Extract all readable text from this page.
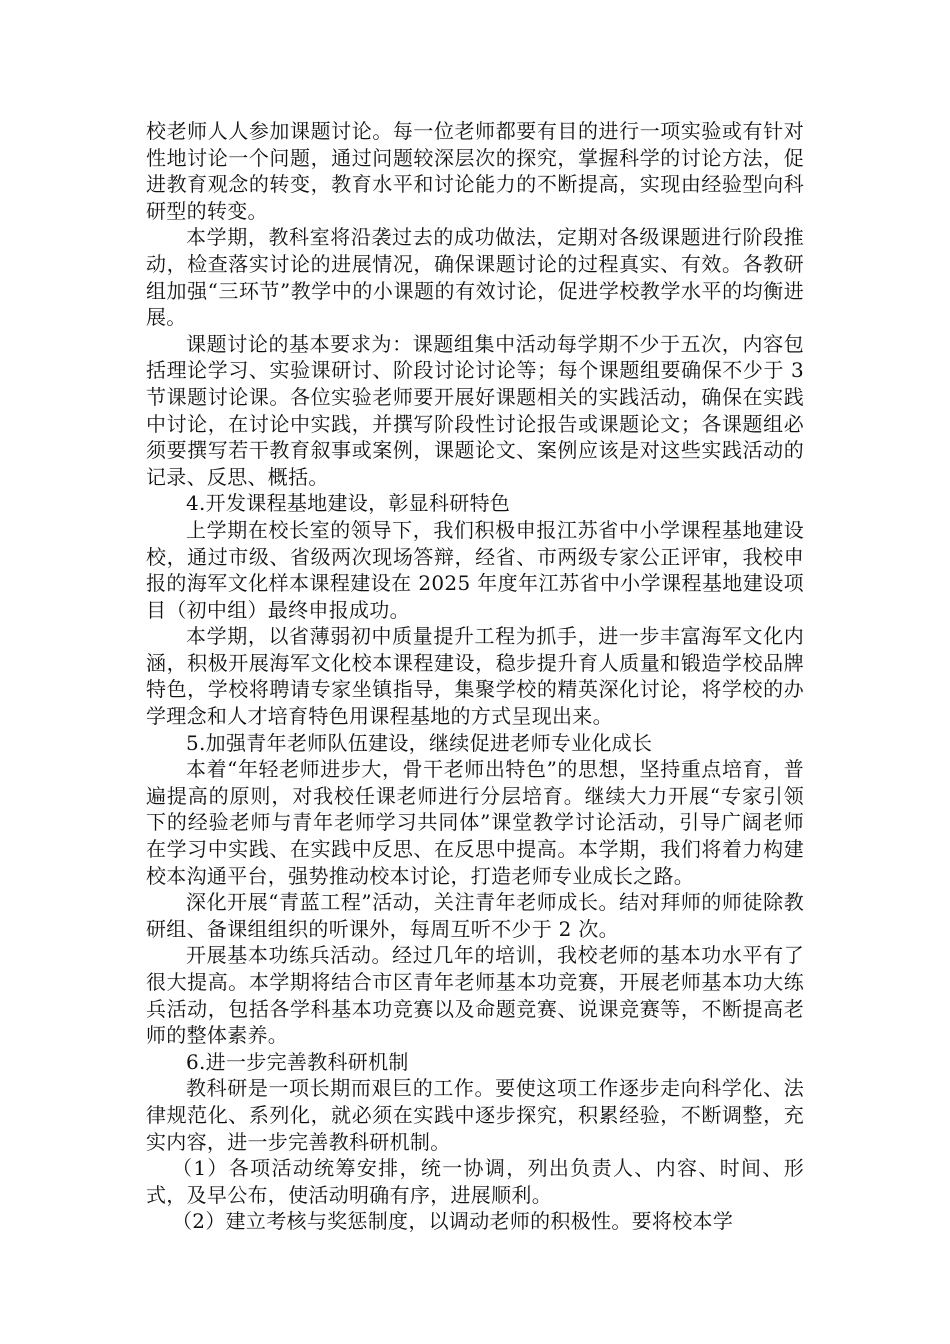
校老师人人参加课题讨论。每一位老师都要有目的进行一项实验或有针对性地讨论一个问题，通过问题较深层次的探究，掌握科学的讨论方法，促进教育观念的转变，教育水平和讨论能力的不断提高，实现由经验型向科研型的转变。

本学期，教科室将沿袭过去的成功做法，定期对各级课题进行阶段推动，检查落实讨论的进展情况，确保课题讨论的过程真实、有效。各教研组加强“三环节”教学中的小课题的有效讨论，促进学校教学水平的均衡进展。

课题讨论的基本要求为：课题组集中活动每学期不少于五次，内容包括理论学习、实验课研讨、阶段讨论讨论等；每个课题组要确保不少于 3 节课题讨论课。各位实验老师要开展好课题相关的实践活动，确保在实践中讨论，在讨论中实践，并撰写阶段性讨论报告或课题论文；各课题组必须要撰写若干教育叙事或案例，课题论文、案例应该是对这些实践活动的记录、反思、概括。

4.开发课程基地建设，彰显科研特色

上学期在校长室的领导下，我们积极申报江苏省中小学课程基地建设校，通过市级、省级两次现场答辩，经省、市两级专家公正评审，我校申报的海军文化样本课程建设在 2025 年度年江苏省中小学课程基地建设项目（初中组）最终申报成功。

本学期，以省薄弱初中质量提升工程为抓手，进一步丰富海军文化内涵，积极开展海军文化校本课程建设，稳步提升育人质量和锻造学校品牌特色，学校将聘请专家坐镇指导，集聚学校的精英深化讨论，将学校的办学理念和人才培育特色用课程基地的方式呈现出来。

5.加强青年老师队伍建设，继续促进老师专业化成长

本着“年轻老师进步大，骨干老师出特色”的思想，坚持重点培育，普遍提高的原则，对我校任课老师进行分层培育。继续大力开展“专家引领下的经验老师与青年老师学习共同体”课堂教学讨论活动，引导广阔老师在学习中实践、在实践中反思、在反思中提高。本学期，我们将着力构建校本沟通平台，强势推动校本讨论，打造老师专业成长之路。

深化开展“青蓝工程”活动，关注青年老师成长。结对拜师的师徒除教研组、备课组组织的听课外，每周互听不少于 2 次。

开展基本功练兵活动。经过几年的培训，我校老师的基本功水平有了很大提高。本学期将结合市区青年老师基本功竞赛，开展老师基本功大练兵活动，包括各学科基本功竞赛以及命题竞赛、说课竞赛等，不断提高老师的整体素养。

6.进一步完善教科研机制

教科研是一项长期而艰巨的工作。要使这项工作逐步走向科学化、法律规范化、系列化，就必须在实践中逐步探究，积累经验，不断调整，充实内容，进一步完善教科研机制。

（1）各项活动统筹安排，统一协调，列出负责人、内容、时间、形式，及早公布，使活动明确有序，进展顺利。

（2）建立考核与奖惩制度，以调动老师的积极性。要将校本学
